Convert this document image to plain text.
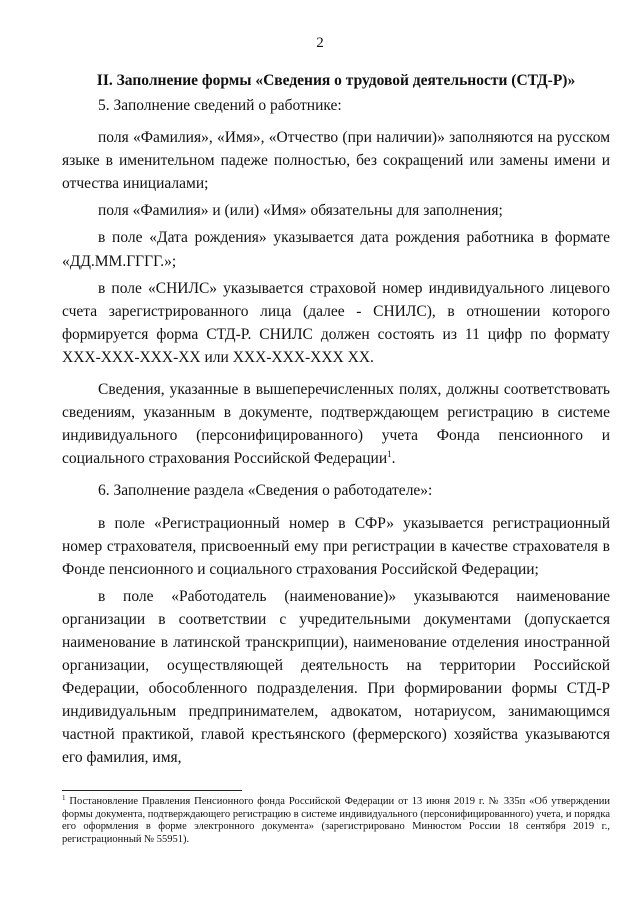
2
II. Заполнение формы «Сведения о трудовой деятельности (СТД-Р)»

5. Заполнение сведений о работнике:

поля «Фамилия», «Имя», «Отчество (при наличии)» заполняются на русском языке в именительном падеже полностью, без сокращений или замены имени и отчества инициалами;

поля «Фамилия» и (или) «Имя» обязательны для заполнения;

в поле «Дата рождения» указывается дата рождения работника в формате «ДД.ММ.ГГГГ.»;

в поле «СНИЛС» указывается страховой номер индивидуального лицевого счета зарегистрированного лица (далее - СНИЛС), в отношении которого формируется форма СТД-Р. СНИЛС должен состоять из 11 цифр по формату ХХХ-ХХХ-ХХХ-ХХ или ХХХ-ХХХ-ХХХ ХХ.

Сведения, указанные в вышеперечисленных полях, должны соответствовать сведениям, указанным в документе, подтверждающем регистрацию в системе индивидуального (персонифицированного) учета Фонда пенсионного и социального страхования Российской Федерации$^1$.

6. Заполнение раздела «Сведения о работодателе»:

в поле «Регистрационный номер в СФР» указывается регистрационный номер страхователя, присвоенный ему при регистрации в качестве страхователя в Фонде пенсионного и социального страхования Российской Федерации;

в поле «Работодатель (наименование)» указываются наименование организации в соответствии с учредительными документами (допускается наименование в латинской транскрипции), наименование отделения иностранной организации, осуществляющей деятельность на территории Российской Федерации, обособленного подразделения. При формировании формы СТД-Р индивидуальным предпринимателем, адвокатом, нотариусом, занимающимся частной практикой, главой крестьянского (фермерского) хозяйства указываются его фамилия, имя,

$^1$ Постановление Правления Пенсионного фонда Российской Федерации от 13 июня 2019 г. № 335п «Об утверждении формы документа, подтверждающего регистрацию в системе индивидуального (персонифицированного) учета, и порядка его оформления в форме электронного документа» (зарегистрировано Минюстом России 18 сентября 2019 г., регистрационный № 55951).
